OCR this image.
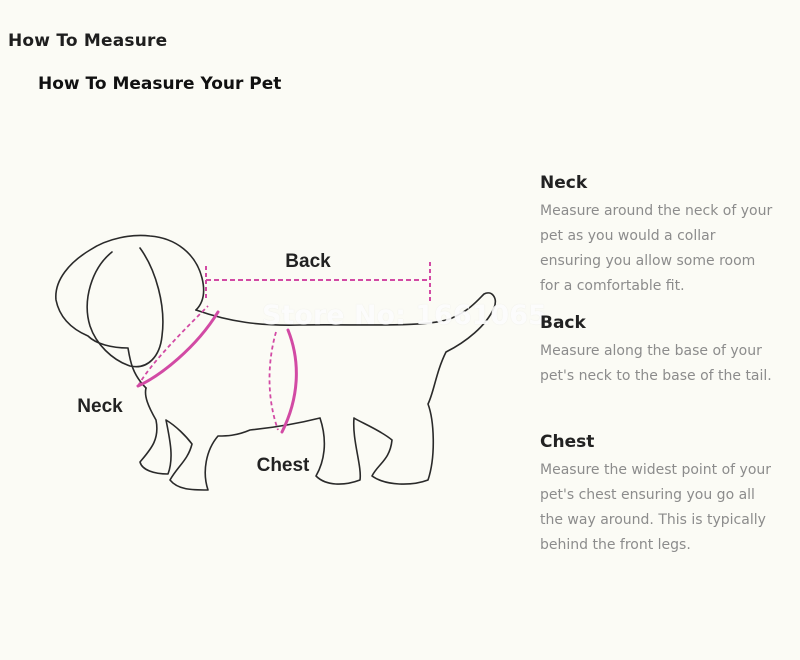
How To Measure
How To Measure Your Pet
Back
Neck
Chest
Store No: 1661065
Neck

Measure around the neck of your pet as you would a collar ensuring you allow some room for a comfortable fit.

Back

Measure along the base of your pet's neck to the base of the tail.

Chest

Measure the widest point of your pet's chest ensuring you go all the way around. This is typically behind the front legs.
